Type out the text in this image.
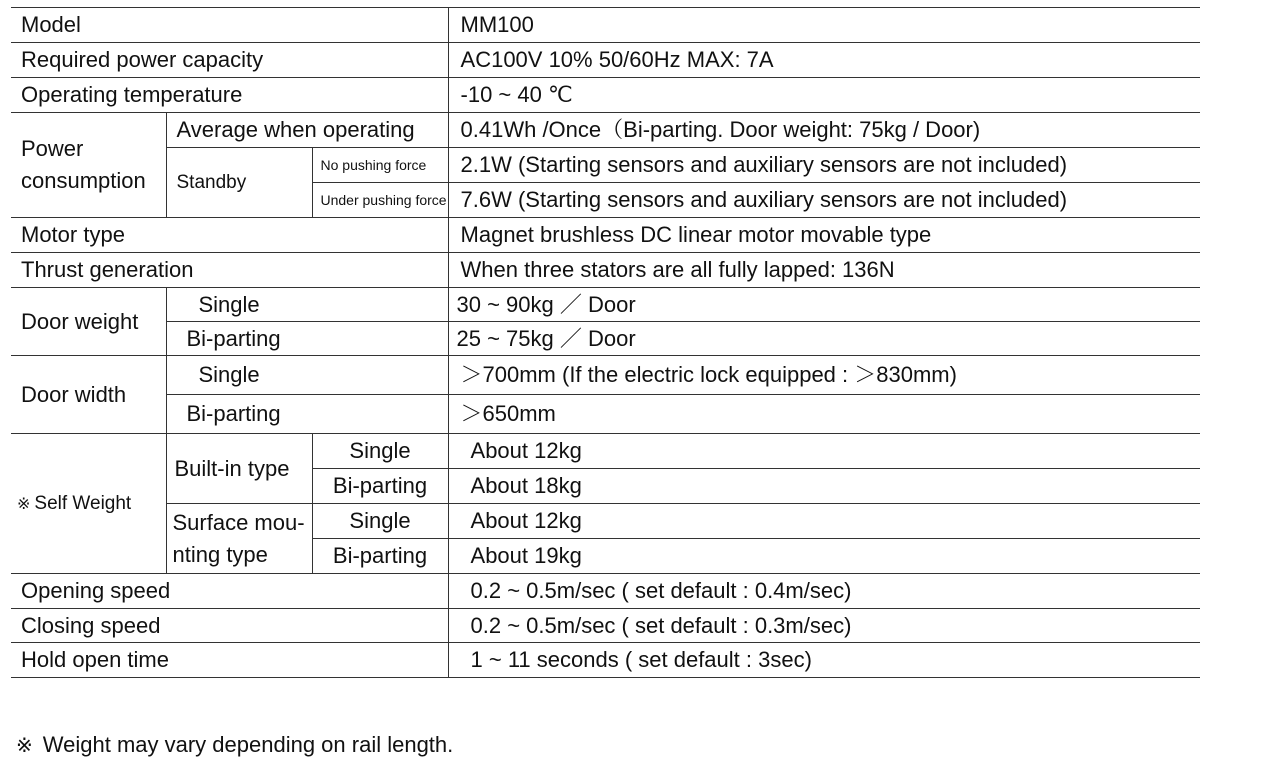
Model			MM100
Required power capacity			AC100V 10% 50/60Hz MAX: 7A
Operating temperature			-10 ~ 40 ℃
Power consumption	Average when operating		0.41Wh /Once（Bi-parting. Door weight: 75kg / Door)
	Standby	No pushing force	2.1W (Starting sensors and auxiliary sensors are not included)
		Under pushing force	7.6W (Starting sensors and auxiliary sensors are not included)
Motor type			Magnet brushless DC linear motor movable type
Thrust generation			When three stators are all fully lapped: 136N
Door weight	Single		30 ~ 90kg ／ Door
	Bi-parting		25 ~ 75kg ／ Door
Door width	Single		＞700mm (If the electric lock equipped : ＞830mm)
	Bi-parting		＞650mm
※ Self Weight	Built-in type	Single	About 12kg
		Bi-parting	About 18kg
	Surface mou- nting type	Single	About 12kg
		Bi-parting	About 19kg
Opening speed			0.2 ~ 0.5m/sec ( set default : 0.4m/sec)
Closing speed			0.2 ~ 0.5m/sec ( set default : 0.3m/sec)
Hold open time			1 ~ 11 seconds ( set default : 3sec)
※ Weight may vary depending on rail length.
